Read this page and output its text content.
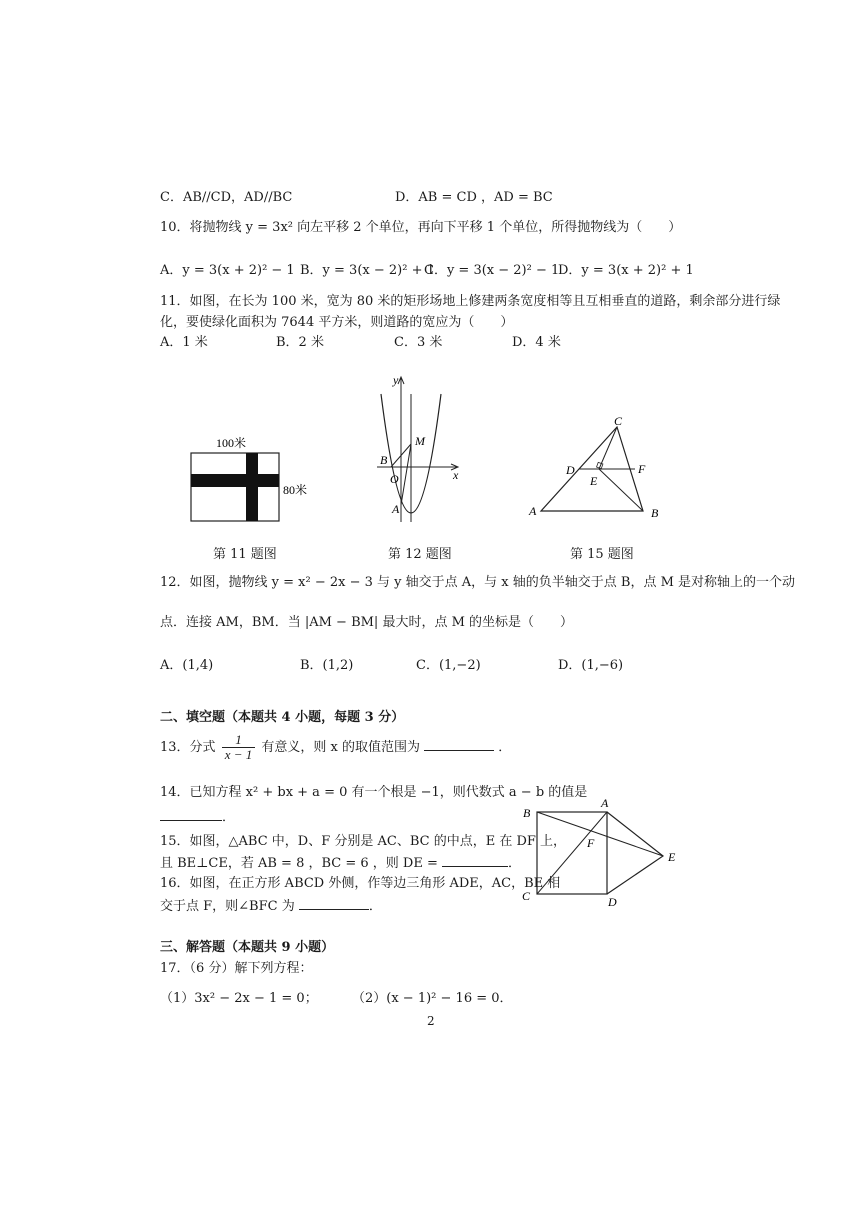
C．AB//CD，AD//BC	D．AB = CD ，AD = BC
10．将抛物线 y = 3x² 向左平移 2 个单位，再向下平移 1 个单位，所得抛物线为（　　）
A．y = 3(x + 2)² − 1 B．y = 3(x − 2)² + 1
C．y = 3(x − 2)² − 1
D．y = 3(x + 2)² + 1
11．如图，在长为 100 米，宽为 80 米的矩形场地上修建两条宽度相等且互相垂直的道路，剩余部分进行绿
化，要使绿化面积为 7644 平方米，则道路的宽应为（　　）
A．1 米	B．2 米	C．3 米	D．4 米
100米
80米
第 11 题图
y
x
M
B
O
A
第 12 题图
C
D	F
E
A	B
第 15 题图
12．如图，抛物线 y = x² − 2x − 3 与 y 轴交于点 A，与 x 轴的负半轴交于点 B，点 M 是对称轴上的一个动
点．连接 AM，BM．当 |AM − BM| 最大时，点 M 的坐标是（　　）
A．(1,4)	B．(1,2)	C．(1,−2)	D．(1,−6)
二、填空题（本题共 4 小题，每题 3 分）
13．分式 $\frac{1}{x - 1}$ 有意义，则 x 的取值范围为	．
14．已知方程 x² + bx + a = 0 有一个根是 −1，则代数式 a − b 的值是
．
15．如图，△ABC 中，D、F 分别是 AC、BC 的中点，E 在 DF 上，
且 BE⊥CE，若 AB = 8 ，BC = 6 ，则 DE =	．
16．如图，在正方形 ABCD 外侧，作等边三角形 ADE，AC，BE 相
交于点 F，则∠BFC 为	．
A
B
F
E
C	D
三、解答题（本题共 9 小题）
17．（6 分）解下列方程：
（1）3x² − 2x − 1 = 0；	（2）(x − 1)² − 16 = 0．
2
